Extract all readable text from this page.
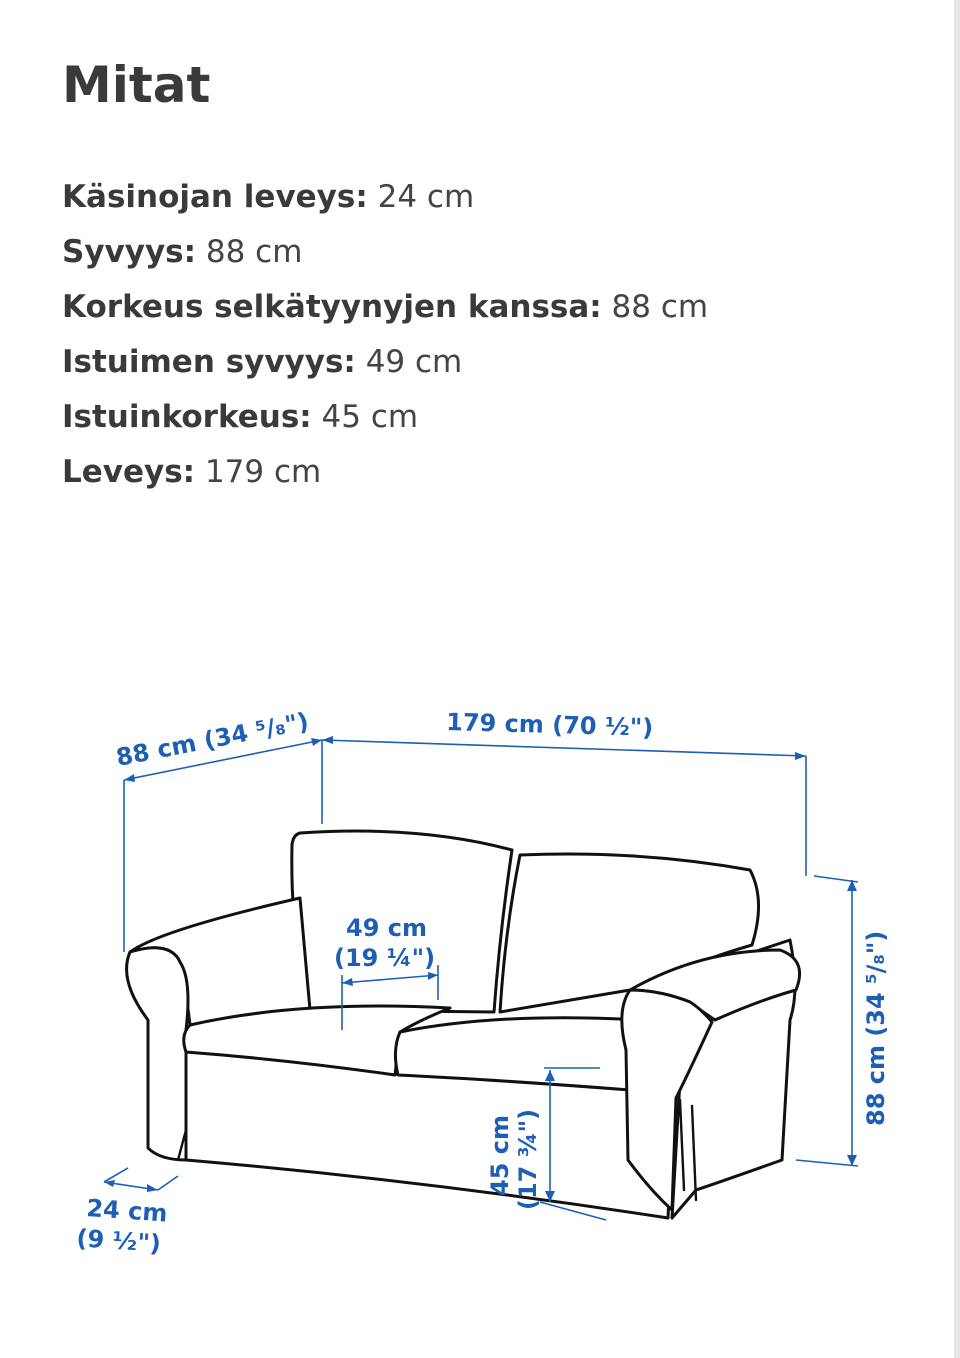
Mitat
Käsinojan leveys: 24 cm
Syvyys: 88 cm
Korkeus selkätyynyjen kanssa: 88 cm
Istuimen syvyys: 49 cm
Istuinkorkeus: 45 cm
Leveys: 179 cm
88 cm (34 ⁵/₈")	179 cm (70 ½")
49 cm
(19 ¼")	88 cm (34 ⁵/₈")
45 cm (17 ¾")
24 cm
(9 ½")
